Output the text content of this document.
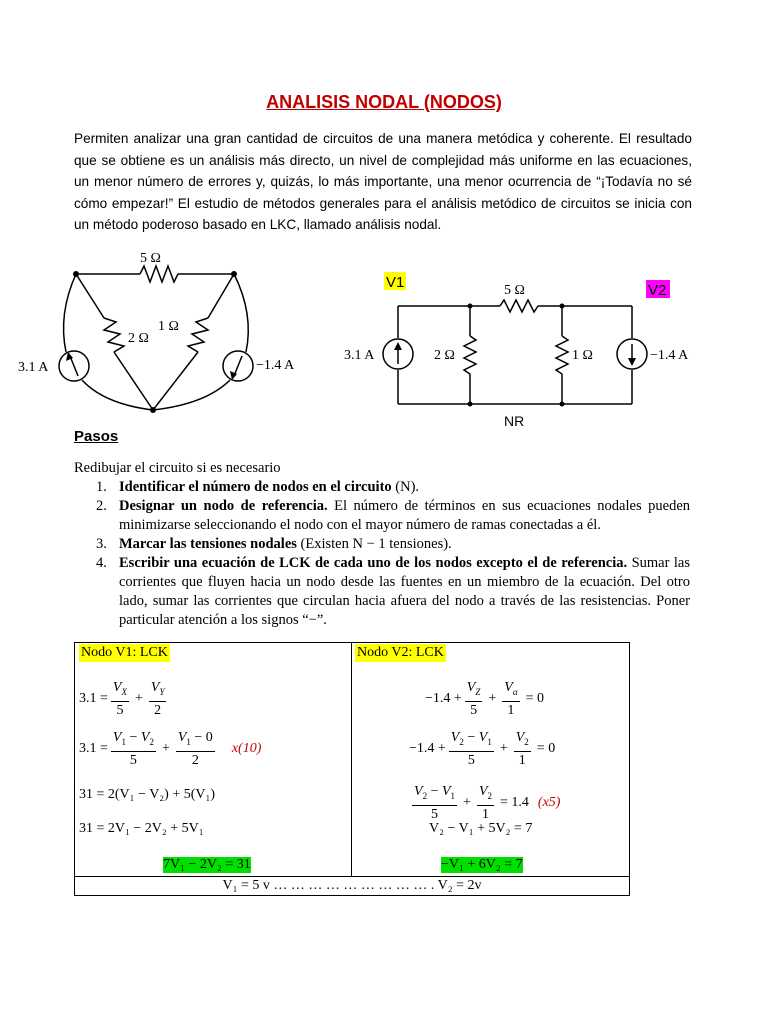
ANALISIS NODAL (NODOS)
Permiten analizar una gran cantidad de circuitos de una manera metódica y coherente. El resultado que se obtiene es un análisis más directo, un nivel de complejidad más uniforme en las ecuaciones, un menor número de errores y, quizás, lo más importante, una menor ocurrencia de “¡Todavía no sé cómo empezar!” El estudio de métodos generales para el análisis metódico de circuitos se inicia con un método poderoso basado en LKC, llamado análisis nodal.
5 Ω
2 Ω
1 Ω
3.1 A	−1.4 A
V1	V2
5 Ω
2 Ω	1 Ω
3.1 A	−1.4 A
NR
Pasos
Redibujar el circuito si es necesario
1. Identificar el número de nodos en el circuito (N).
2. Designar un nodo de referencia. El número de términos en sus ecuaciones nodales pueden minimizarse seleccionando el nodo con el mayor número de ramas conectadas a él.
3. Marcar las tensiones nodales (Existen N − 1 tensiones).
4. Escribir una ecuación de LCK de cada uno de los nodos excepto el de referencia. Sumar las corrientes que fluyen hacia un nodo desde las fuentes en un miembro de la ecuación. Del otro lado, sumar las corrientes que circulan hacia afuera del nodo a través de las resistencias. Poner particular atención a los signos “−”.
Nodo V1: LCK
$3.1 = \frac{V_X}{5} + \frac{V_Y}{2}$
$3.1 = \frac{V_1 - V_2}{5} + \frac{V_1 - 0}{2} x(10)$
31 = 2(V₁ − V₂) + 5(V₁)
31 = 2V₁ − 2V₂ + 5V₁
7V₁ − 2V₂ = 31
Nodo V2: LCK
$-1.4 + \frac{V_Z}{5} + \frac{V_\alpha}{1} = 0$
$-1.4 + \frac{V_2 - V_1}{5} + \frac{V_2}{1} = 0$
$\frac{V_2 - V_1}{5} + \frac{V_2}{1} = 1.4$ (x5)
V₂ − V₁ + 5V₂ = 7
−V₁ + 6V₂ = 7
V₁ = 5 v … … … … … … … … … . V₂ = 2v
